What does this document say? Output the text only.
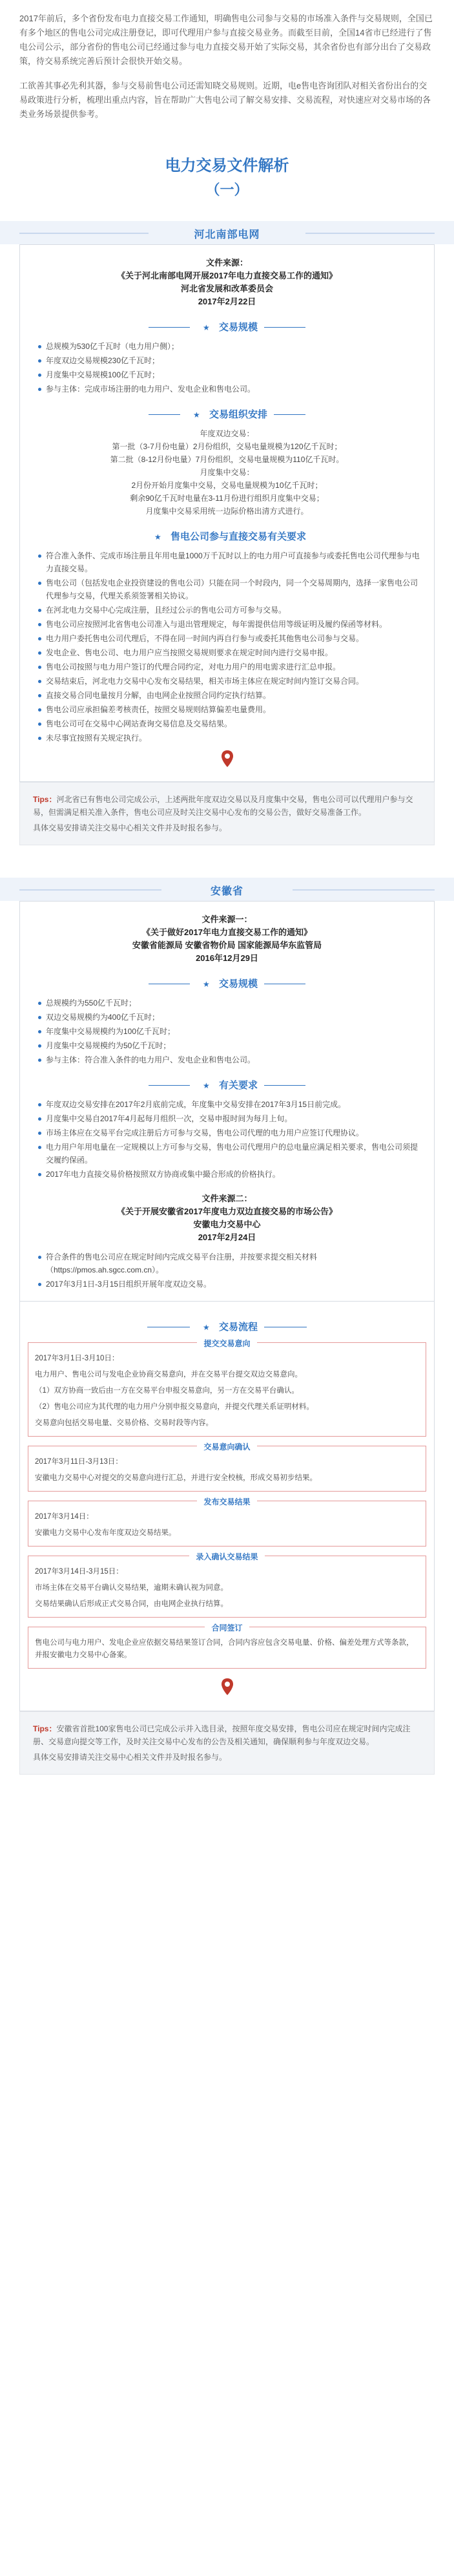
2017年前后，多个省份发布电力直接交易工作通知，明确售电公司参与交易的市场准入条件与交易规则，全国已有多个地区的售电公司完成注册登记，即可代理用户参与直接交易业务。而截至目前，全国14省市已经进行了售电公司公示，部分省份的售电公司已经通过参与电力直接交易开始了实际交易，其余省份也有部分出台了交易政策，待交易系统完善后预计会很快开始交易。

工欲善其事必先利其器，参与交易前售电公司还需知晓交易规则。近期，电e售电咨询团队对相关省份出台的交易政策进行分析，梳理出重点内容，旨在帮助广大售电公司了解交易安排、交易流程，对快速应对交易市场的各类业务场景提供参考。

电力交易文件解析
（一）
河北南部电网
文件来源：
《关于河北南部电网开展2017年电力直接交易工作的通知》
河北省发展和改革委员会
2017年2月22日
★ 交易规模
总规模为530亿千瓦时（电力用户侧）；
年度双边交易规模230亿千瓦时；
月度集中交易规模100亿千瓦时；
参与主体：完成市场注册的电力用户、发电企业和售电公司。
★ 交易组织安排
年度双边交易：
第一批（3-7月份电量）2月份组织，交易电量规模为120亿千瓦时；
第二批（8-12月份电量）7月份组织，交易电量规模为110亿千瓦时。
月度集中交易：
2月份开始月度集中交易，交易电量规模为10亿千瓦时；
剩余90亿千瓦时电量在3-11月份进行组织月度集中交易；
月度集中交易采用统一边际价格出清方式进行。
★ 售电公司参与直接交易有关要求
符合准入条件、完成市场注册且年用电量1000万千瓦时以上的电力用户可直接参与或委托售电公司代理参与电力直接交易。
售电公司（包括发电企业投资建设的售电公司）只能在同一个时段内，同一个交易周期内，选择一家售电公司代理参与交易，代理关系须签署相关协议。
在河北电力交易中心完成注册，且经过公示的售电公司方可参与交易。
售电公司应按照河北省售电公司准入与退出管理规定，每年需提供信用等级证明及履约保函等材料。
电力用户委托售电公司代理后，不得在同一时间内再自行参与或委托其他售电公司参与交易。
发电企业、售电公司、电力用户应当按照交易规则要求在规定时间内进行交易申报。
售电公司按照与电力用户签订的代理合同约定，对电力用户的用电需求进行汇总申报。
交易结束后，河北电力交易中心发布交易结果，相关市场主体应在规定时间内签订交易合同。
直接交易合同电量按月分解，由电网企业按照合同约定执行结算。
售电公司应承担偏差考核责任，按照交易规则结算偏差电量费用。
售电公司可在交易中心网站查询交易信息及交易结果。
未尽事宜按照有关规定执行。
Tips：河北省已有售电公司完成公示，上述两批年度双边交易以及月度集中交易，售电公司可以代理用户参与交易，但需满足相关准入条件，售电公司应及时关注交易中心发布的交易公告，做好交易准备工作。
具体交易安排请关注交易中心相关文件并及时报名参与。
安徽省
文件来源一：
《关于做好2017年电力直接交易工作的通知》
安徽省能源局 安徽省物价局 国家能源局华东监管局
2016年12月29日
★ 交易规模
总规模约为550亿千瓦时；
双边交易规模约为400亿千瓦时；
年度集中交易规模约为100亿千瓦时；
月度集中交易规模约为50亿千瓦时；
参与主体：符合准入条件的电力用户、发电企业和售电公司。
★ 有关要求
年度双边交易安排在2017年2月底前完成，年度集中交易安排在2017年3月15日前完成。
月度集中交易自2017年4月起每月组织一次，交易申报时间为每月上旬。
市场主体应在交易平台完成注册后方可参与交易，售电公司代理的电力用户应签订代理协议。
电力用户年用电量在一定规模以上方可参与交易，售电公司代理用户的总电量应满足相关要求，售电公司须提交履约保函。
2017年电力直接交易价格按照双方协商或集中撮合形成的价格执行。
文件来源二：
《关于开展安徽省2017年度电力双边直接交易的市场公告》
安徽电力交易中心
2017年2月24日
符合条件的售电公司应在规定时间内完成交易平台注册，并按要求提交相关材料（https://pmos.ah.sgcc.com.cn）。
2017年3月1日-3月15日组织开展年度双边交易。
★ 交易流程
提交交易意向

2017年3月1日-3月10日：

电力用户、售电公司与发电企业协商交易意向，并在交易平台提交双边交易意向。

（1）双方协商一致后由一方在交易平台申报交易意向，另一方在交易平台确认。

（2）售电公司应为其代理的电力用户分别申报交易意向，并提交代理关系证明材料。

交易意向包括交易电量、交易价格、交易时段等内容。

交易意向确认

2017年3月11日-3月13日：

安徽电力交易中心对提交的交易意向进行汇总，并进行安全校核，形成交易初步结果。

发布交易结果

2017年3月14日：

安徽电力交易中心发布年度双边交易结果。

录入确认交易结果

2017年3月14日-3月15日：

市场主体在交易平台确认交易结果，逾期未确认视为同意。

交易结果确认后形成正式交易合同，由电网企业执行结算。

合同签订

售电公司与电力用户、发电企业应依据交易结果签订合同，合同内容应包含交易电量、价格、偏差处理方式等条款，并报安徽电力交易中心备案。

Tips：安徽省首批100家售电公司已完成公示并入选目录，按照年度交易安排，售电公司应在规定时间内完成注册、交易意向提交等工作，及时关注交易中心发布的公告及相关通知，确保顺利参与年度双边交易。
具体交易安排请关注交易中心相关文件并及时报名参与。
